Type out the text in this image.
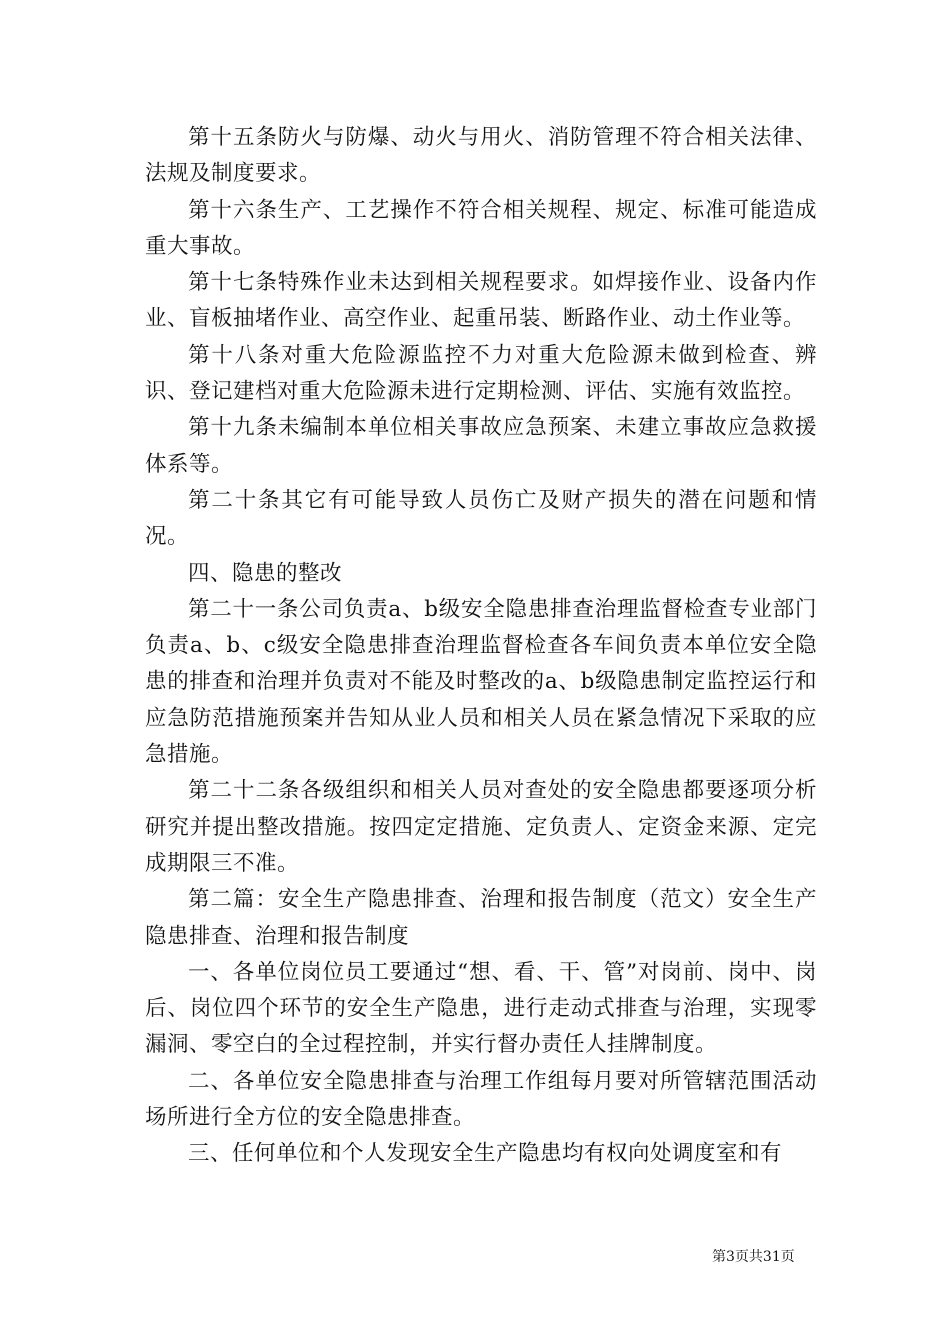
第十五条防火与防爆、动火与用火、消防管理不符合相关法律、法规及制度要求。

第十六条生产、工艺操作不符合相关规程、规定、标准可能造成重大事故。

第十七条特殊作业未达到相关规程要求。如焊接作业、设备内作业、盲板抽堵作业、高空作业、起重吊装、断路作业、动土作业等。

第十八条对重大危险源监控不力对重大危险源未做到检查、辨识、登记建档对重大危险源未进行定期检测、评估、实施有效监控。

第十九条未编制本单位相关事故应急预案、未建立事故应急救援体系等。

第二十条其它有可能导致人员伤亡及财产损失的潜在问题和情况。

四、隐患的整改

第二十一条公司负责a、b级安全隐患排查治理监督检查专业部门负责a、b、c级安全隐患排查治理监督检查各车间负责本单位安全隐患的排查和治理并负责对不能及时整改的a、b级隐患制定监控运行和应急防范措施预案并告知从业人员和相关人员在紧急情况下采取的应急措施。

第二十二条各级组织和相关人员对查处的安全隐患都要逐项分析研究并提出整改措施。按四定定措施、定负责人、定资金来源、定完成期限三不准。

第二篇：安全生产隐患排查、治理和报告制度（范文）安全生产隐患排查、治理和报告制度

一、各单位岗位员工要通过“想、看、干、管”对岗前、岗中、岗后、岗位四个环节的安全生产隐患，进行走动式排查与治理，实现零漏洞、零空白的全过程控制，并实行督办责任人挂牌制度。

二、各单位安全隐患排查与治理工作组每月要对所管辖范围活动场所进行全方位的安全隐患排查。

三、任何单位和个人发现安全生产隐患均有权向处调度室和有

第3页共31页
